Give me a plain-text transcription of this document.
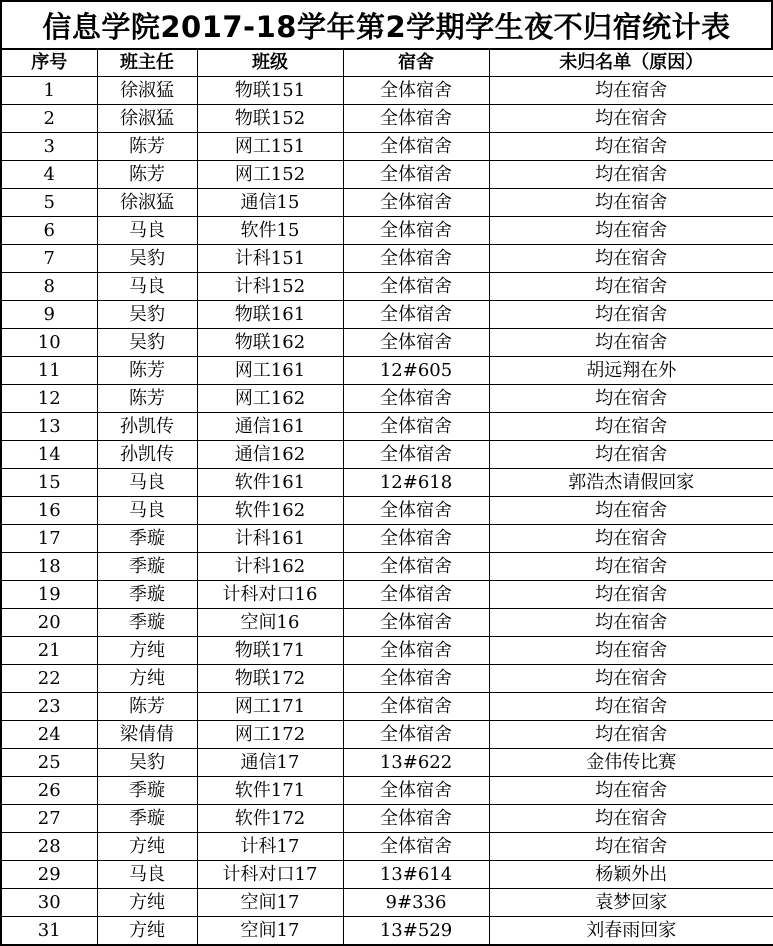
信息学院2017-18学年第2学期学生夜不归宿统计表
序号	班主任	班级	宿舍	未归名单（原因）
1	徐淑猛	物联151	全体宿舍	均在宿舍
2	徐淑猛	物联152	全体宿舍	均在宿舍
3	陈芳	网工151	全体宿舍	均在宿舍
4	陈芳	网工152	全体宿舍	均在宿舍
5	徐淑猛	通信15	全体宿舍	均在宿舍
6	马良	软件15	全体宿舍	均在宿舍
7	吴豹	计科151	全体宿舍	均在宿舍
8	马良	计科152	全体宿舍	均在宿舍
9	吴豹	物联161	全体宿舍	均在宿舍
10	吴豹	物联162	全体宿舍	均在宿舍
11	陈芳	网工161	12#605	胡远翔在外
12	陈芳	网工162	全体宿舍	均在宿舍
13	孙凯传	通信161	全体宿舍	均在宿舍
14	孙凯传	通信162	全体宿舍	均在宿舍
15	马良	软件161	12#618	郭浩杰请假回家
16	马良	软件162	全体宿舍	均在宿舍
17	季璇	计科161	全体宿舍	均在宿舍
18	季璇	计科162	全体宿舍	均在宿舍
19	季璇	计科对口16	全体宿舍	均在宿舍
20	季璇	空间16	全体宿舍	均在宿舍
21	方纯	物联171	全体宿舍	均在宿舍
22	方纯	物联172	全体宿舍	均在宿舍
23	陈芳	网工171	全体宿舍	均在宿舍
24	梁倩倩	网工172	全体宿舍	均在宿舍
25	吴豹	通信17	13#622	金伟传比赛
26	季璇	软件171	全体宿舍	均在宿舍
27	季璇	软件172	全体宿舍	均在宿舍
28	方纯	计科17	全体宿舍	均在宿舍
29	马良	计科对口17	13#614	杨颖外出
30	方纯	空间17	9#336	袁梦回家
31	方纯	空间17	13#529	刘春雨回家
